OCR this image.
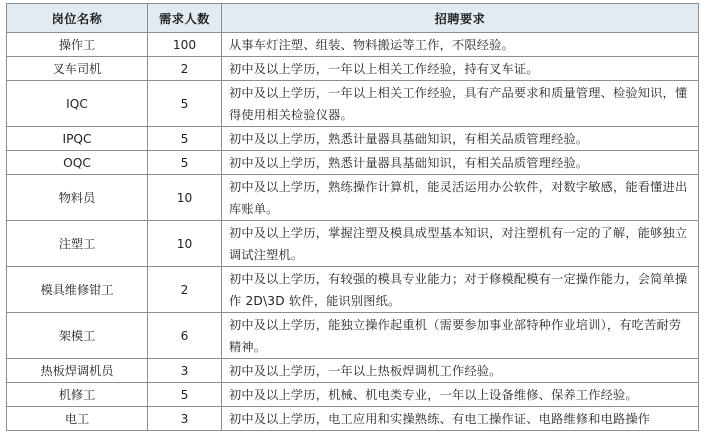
岗位名称	需求人数	招聘要求
操作工	100	从事车灯注塑、组装、物料搬运等工作，不限经验。
叉车司机	2	初中及以上学历，一年以上相关工作经验，持有叉车证。
IQC	5	初中及以上学历，一年以上相关工作经验，具有产品要求和质量管理、检验知识，懂得使用相关检验仪器。
IPQC	5	初中及以上学历，熟悉计量器具基础知识，有相关品质管理经验。
OQC	5	初中及以上学历，熟悉计量器具基础知识，有相关品质管理经验。
物料员	10	初中及以上学历，熟练操作计算机，能灵活运用办公软件，对数字敏感，能看懂进出库账单。
注塑工	10	初中及以上学历，掌握注塑及模具成型基本知识，对注塑机有一定的了解，能够独立调试注塑机。
模具维修钳工	2	初中及以上学历，有较强的模具专业能力；对于修模配模有一定操作能力，会简单操作 2D\3D 软件，能识别图纸。
架模工	6	初中及以上学历，能独立操作起重机（需要参加事业部特种作业培训），有吃苦耐劳精神。
热板焊调机员	3	初中及以上学历，一年以上热板焊调机工作经验。
机修工	5	初中及以上学历，机械、机电类专业，一年以上设备维修、保养工作经验。
电工	3	初中及以上学历，电工应用和实操熟练、有电工操作证、电路维修和电路操作
